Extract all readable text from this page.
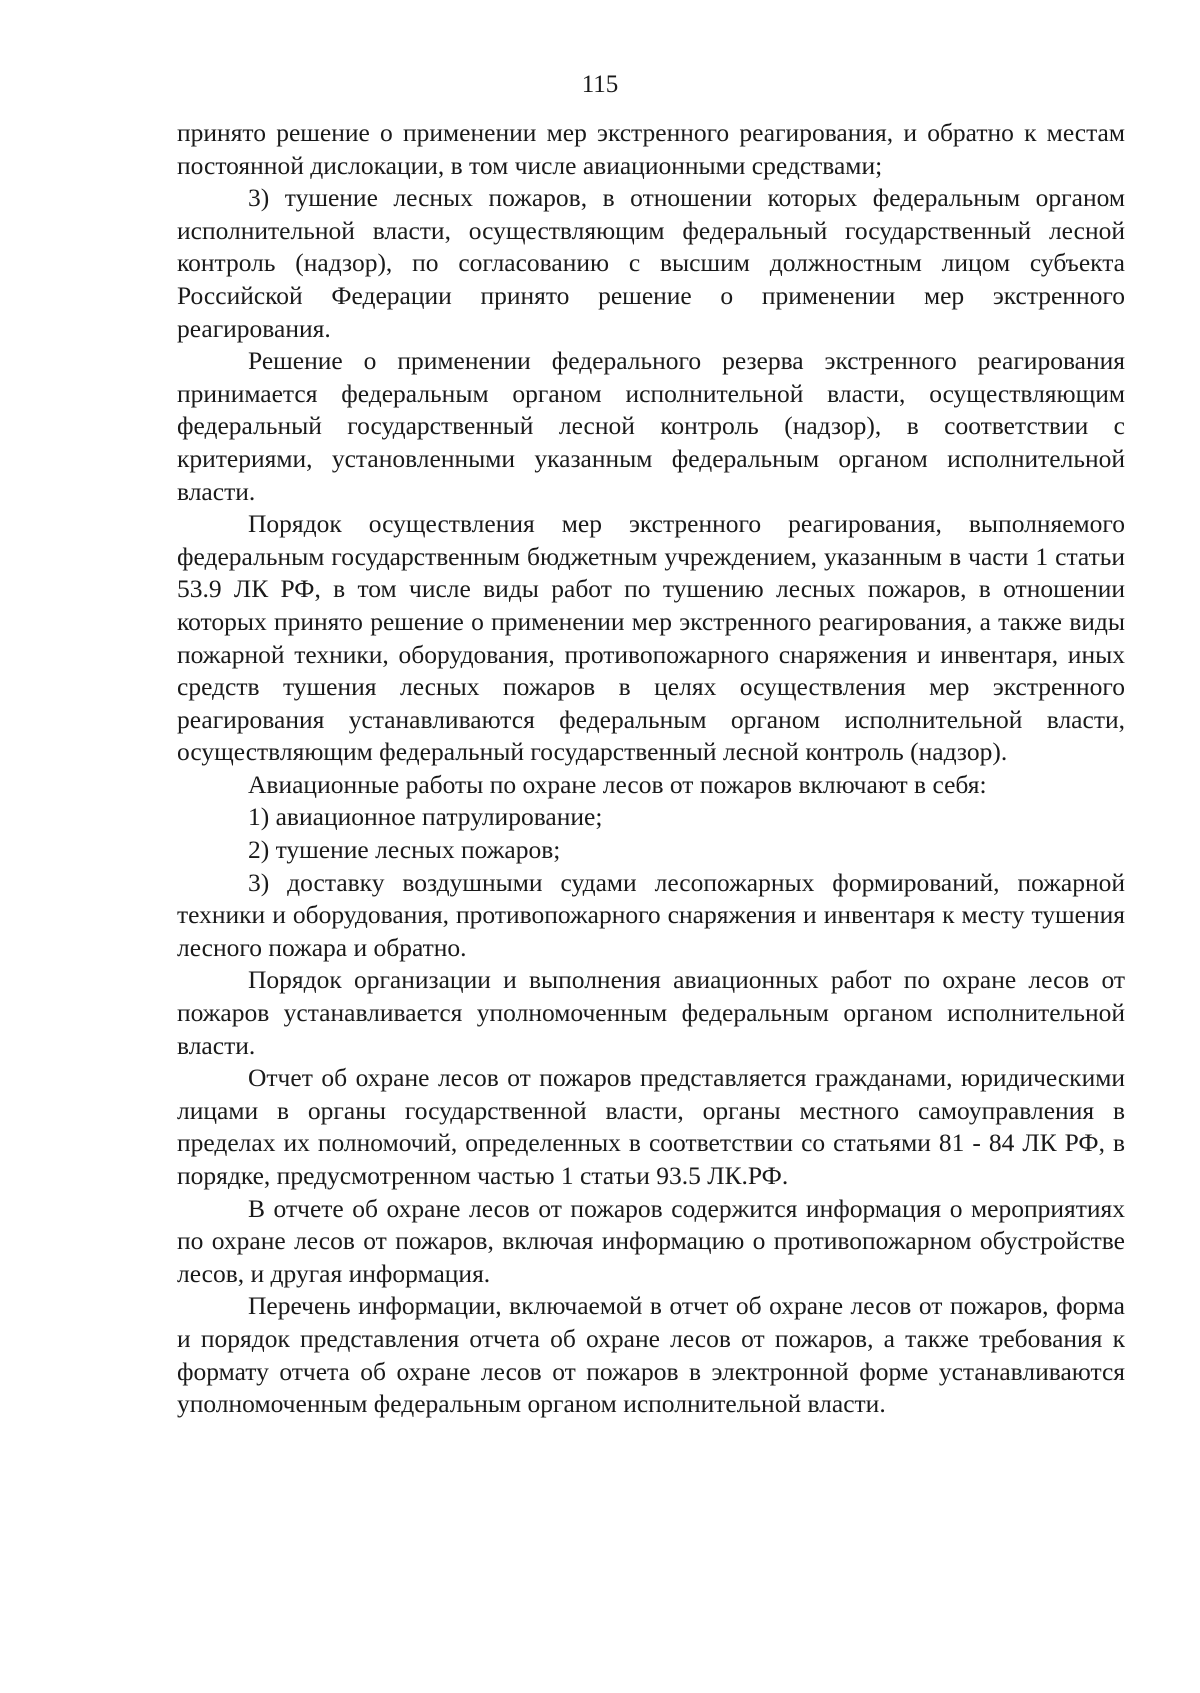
115

принято решение о применении мер экстренного реагирования, и обратно к местам постоянной дислокации, в том числе авиационными средствами;

3) тушение лесных пожаров, в отношении которых федеральным органом исполнительной власти, осуществляющим федеральный государственный лесной контроль (надзор), по согласованию с высшим должностным лицом субъекта Российской Федерации принято решение о применении мер экстренного реагирования.

Решение о применении федерального резерва экстренного реагирования принимается федеральным органом исполнительной власти, осуществляющим федеральный государственный лесной контроль (надзор), в соответствии с критериями, установленными указанным федеральным органом исполнительной власти.

Порядок осуществления мер экстренного реагирования, выполняемого федеральным государственным бюджетным учреждением, указанным в части 1 статьи 53.9 ЛК РФ, в том числе виды работ по тушению лесных пожаров, в отношении которых принято решение о применении мер экстренного реагирования, а также виды пожарной техники, оборудования, противопожарного снаряжения и инвентаря, иных средств тушения лесных пожаров в целях осуществления мер экстренного реагирования устанавливаются федеральным органом исполнительной власти, осуществляющим федеральный государственный лесной контроль (надзор).

Авиационные работы по охране лесов от пожаров включают в себя:

1) авиационное патрулирование;

2) тушение лесных пожаров;

3) доставку воздушными судами лесопожарных формирований, пожарной техники и оборудования, противопожарного снаряжения и инвентаря к месту тушения лесного пожара и обратно.

Порядок организации и выполнения авиационных работ по охране лесов от пожаров устанавливается уполномоченным федеральным органом исполнительной власти.

Отчет об охране лесов от пожаров представляется гражданами, юридическими лицами в органы государственной власти, органы местного самоуправления в пределах их полномочий, определенных в соответствии со статьями 81 - 84 ЛК РФ, в порядке, предусмотренном частью 1 статьи 93.5 ЛК.РФ.

В отчете об охране лесов от пожаров содержится информация о мероприятиях по охране лесов от пожаров, включая информацию о противопожарном обустройстве лесов, и другая информация.

Перечень информации, включаемой в отчет об охране лесов от пожаров, форма и порядок представления отчета об охране лесов от пожаров, а также требования к формату отчета об охране лесов от пожаров в электронной форме устанавливаются уполномоченным федеральным органом исполнительной власти.
